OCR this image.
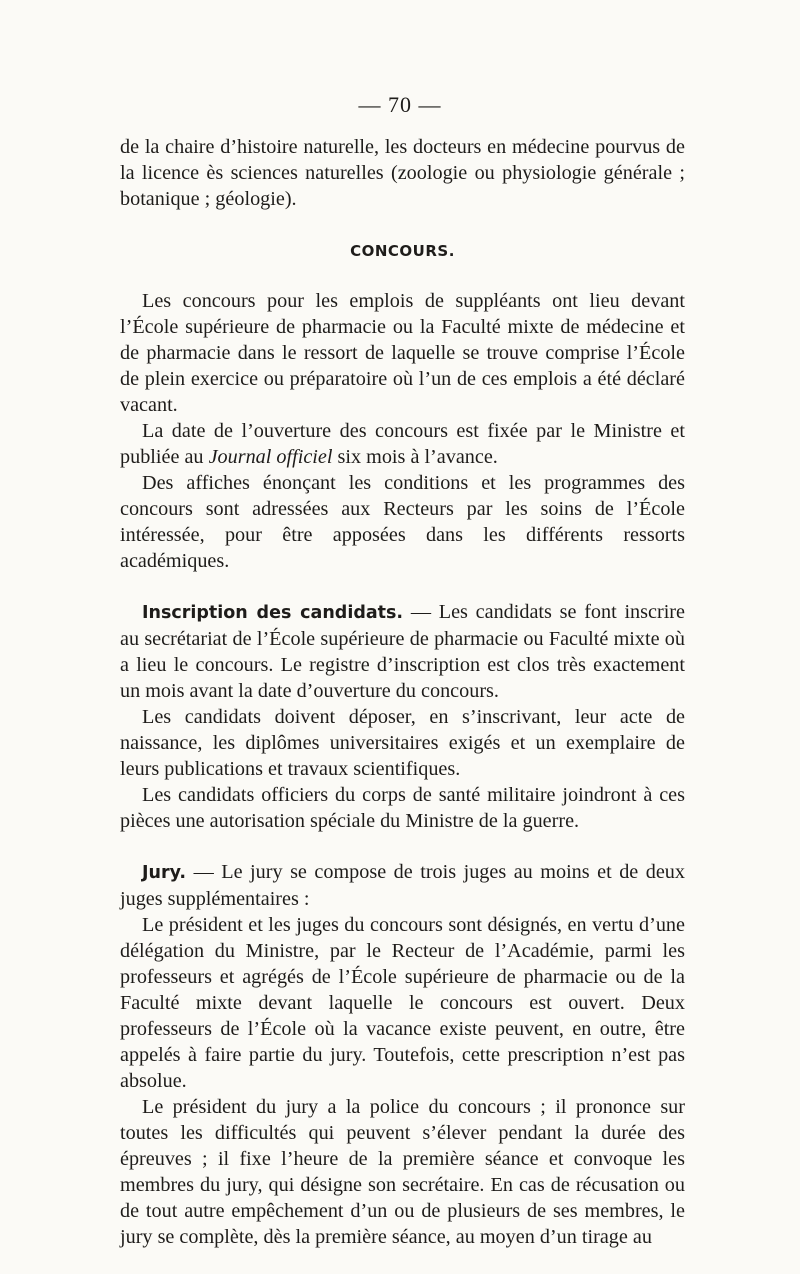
— 70 —

de la chaire d’histoire naturelle, les docteurs en médecine pourvus de la licence ès sciences naturelles (zoologie ou physiologie générale ; botanique ; géologie).

CONCOURS.

Les concours pour les emplois de suppléants ont lieu devant l’École supérieure de pharmacie ou la Faculté mixte de médecine et de pharmacie dans le ressort de laquelle se trouve comprise l’École de plein exercice ou préparatoire où l’un de ces emplois a été déclaré vacant.

La date de l’ouverture des concours est fixée par le Ministre et publiée au Journal officiel six mois à l’avance.

Des affiches énonçant les conditions et les programmes des concours sont adressées aux Recteurs par les soins de l’École intéressée, pour être apposées dans les différents ressorts académiques.

Inscription des candidats. — Les candidats se font inscrire au secrétariat de l’École supérieure de pharmacie ou Faculté mixte où a lieu le concours. Le registre d’inscription est clos très exactement un mois avant la date d’ouverture du concours.

Les candidats doivent déposer, en s’inscrivant, leur acte de naissance, les diplômes universitaires exigés et un exemplaire de leurs publications et travaux scientifiques.

Les candidats officiers du corps de santé militaire joindront à ces pièces une autorisation spéciale du Ministre de la guerre.

Jury. — Le jury se compose de trois juges au moins et de deux juges supplémentaires :

Le président et les juges du concours sont désignés, en vertu d’une délégation du Ministre, par le Recteur de l’Académie, parmi les professeurs et agrégés de l’École supérieure de pharmacie ou de la Faculté mixte devant laquelle le concours est ouvert. Deux professeurs de l’École où la vacance existe peuvent, en outre, être appelés à faire partie du jury. Toutefois, cette prescription n’est pas absolue.

Le président du jury a la police du concours ; il prononce sur toutes les difficultés qui peuvent s’élever pendant la durée des épreuves ; il fixe l’heure de la première séance et convoque les membres du jury, qui désigne son secrétaire. En cas de récusation ou de tout autre empêchement d’un ou de plusieurs de ses membres, le jury se complète, dès la première séance, au moyen d’un tirage au
